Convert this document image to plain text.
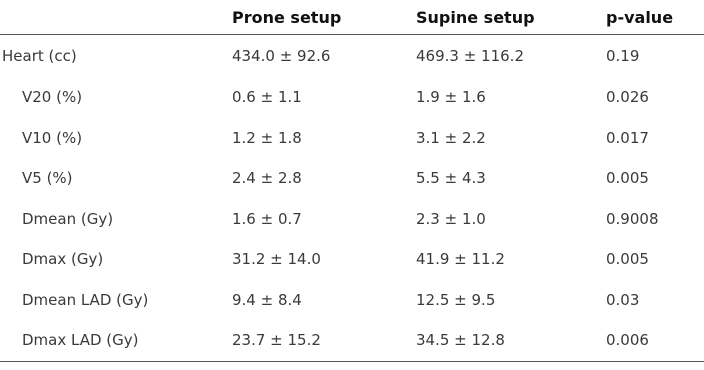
	Prone setup	Supine setup	p-value
Heart (cc)	434.0 ± 92.6	469.3 ± 116.2	0.19
V20 (%)	0.6 ± 1.1	1.9 ± 1.6	0.026
V10 (%)	1.2 ± 1.8	3.1 ± 2.2	0.017
V5 (%)	2.4 ± 2.8	5.5 ± 4.3	0.005
Dmean (Gy)	1.6 ± 0.7	2.3 ± 1.0	0.9008
Dmax (Gy)	31.2 ± 14.0	41.9 ± 11.2	0.005
Dmean LAD (Gy)	9.4 ± 8.4	12.5 ± 9.5	0.03
Dmax LAD (Gy)	23.7 ± 15.2	34.5 ± 12.8	0.006
